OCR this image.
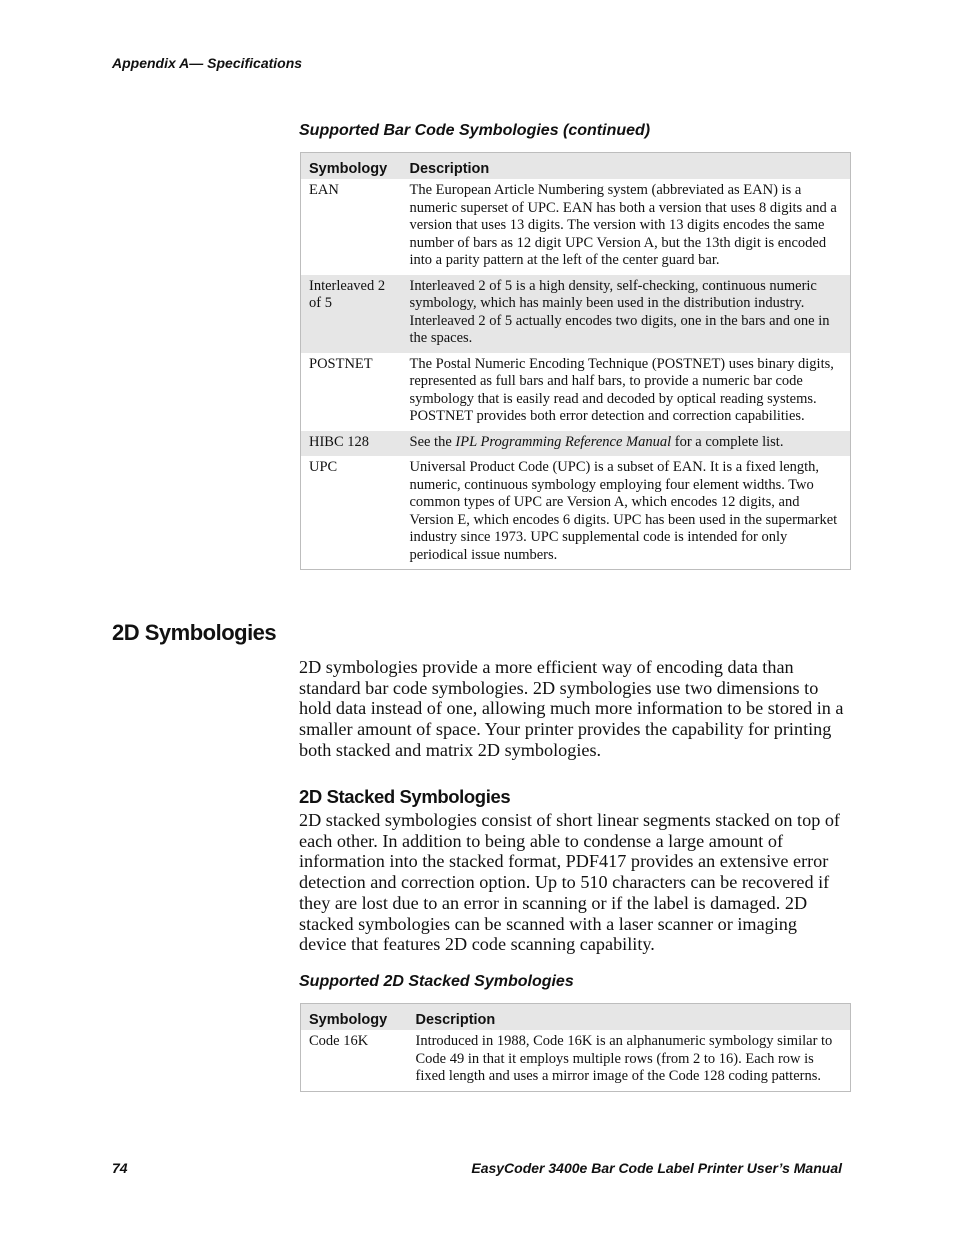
Appendix A— Specifications
Supported Bar Code Symbologies (continued)
Symbology	Description
EAN	The European Article Numbering system (abbreviated as EAN) is a numeric superset of UPC. EAN has both a version that uses 8 digits and a version that uses 13 digits. The version with 13 digits encodes the same number of bars as 12 digit UPC Version A, but the 13th digit is encoded into a parity pattern at the left of the center guard bar.
Interleaved 2 of 5	Interleaved 2 of 5 is a high density, self-checking, continuous numeric symbology, which has mainly been used in the distribution industry. Interleaved 2 of 5 actually encodes two digits, one in the bars and one in the spaces.
POSTNET	The Postal Numeric Encoding Technique (POSTNET) uses binary digits, represented as full bars and half bars, to provide a numeric bar code symbology that is easily read and decoded by optical reading systems. POSTNET provides both error detection and correction capabilities.
HIBC 128	See the IPL Programming Reference Manual for a complete list.
UPC	Universal Product Code (UPC) is a subset of EAN. It is a fixed length, numeric, continuous symbology employing four element widths. Two common types of UPC are Version A, which encodes 12 digits, and Version E, which encodes 6 digits. UPC has been used in the supermarket industry since 1973. UPC supplemental code is intended for only periodical issue numbers.
2D Symbologies
2D symbologies provide a more efficient way of encoding data than standard bar code symbologies. 2D symbologies use two dimensions to hold data instead of one, allowing much more information to be stored in a smaller amount of space. Your printer provides the capability for printing both stacked and matrix 2D symbologies.
2D Stacked Symbologies
2D stacked symbologies consist of short linear segments stacked on top of each other. In addition to being able to condense a large amount of information into the stacked format, PDF417 provides an extensive error detection and correction option. Up to 510 characters can be recovered if they are lost due to an error in scanning or if the label is damaged. 2D stacked symbologies can be scanned with a laser scanner or imaging device that features 2D code scanning capability.
Supported 2D Stacked Symbologies
Symbology	Description
Code 16K	Introduced in 1988, Code 16K is an alphanumeric symbology similar to Code 49 in that it employs multiple rows (from 2 to 16). Each row is fixed length and uses a mirror image of the Code 128 coding patterns.
74	EasyCoder 3400e Bar Code Label Printer User’s Manual
